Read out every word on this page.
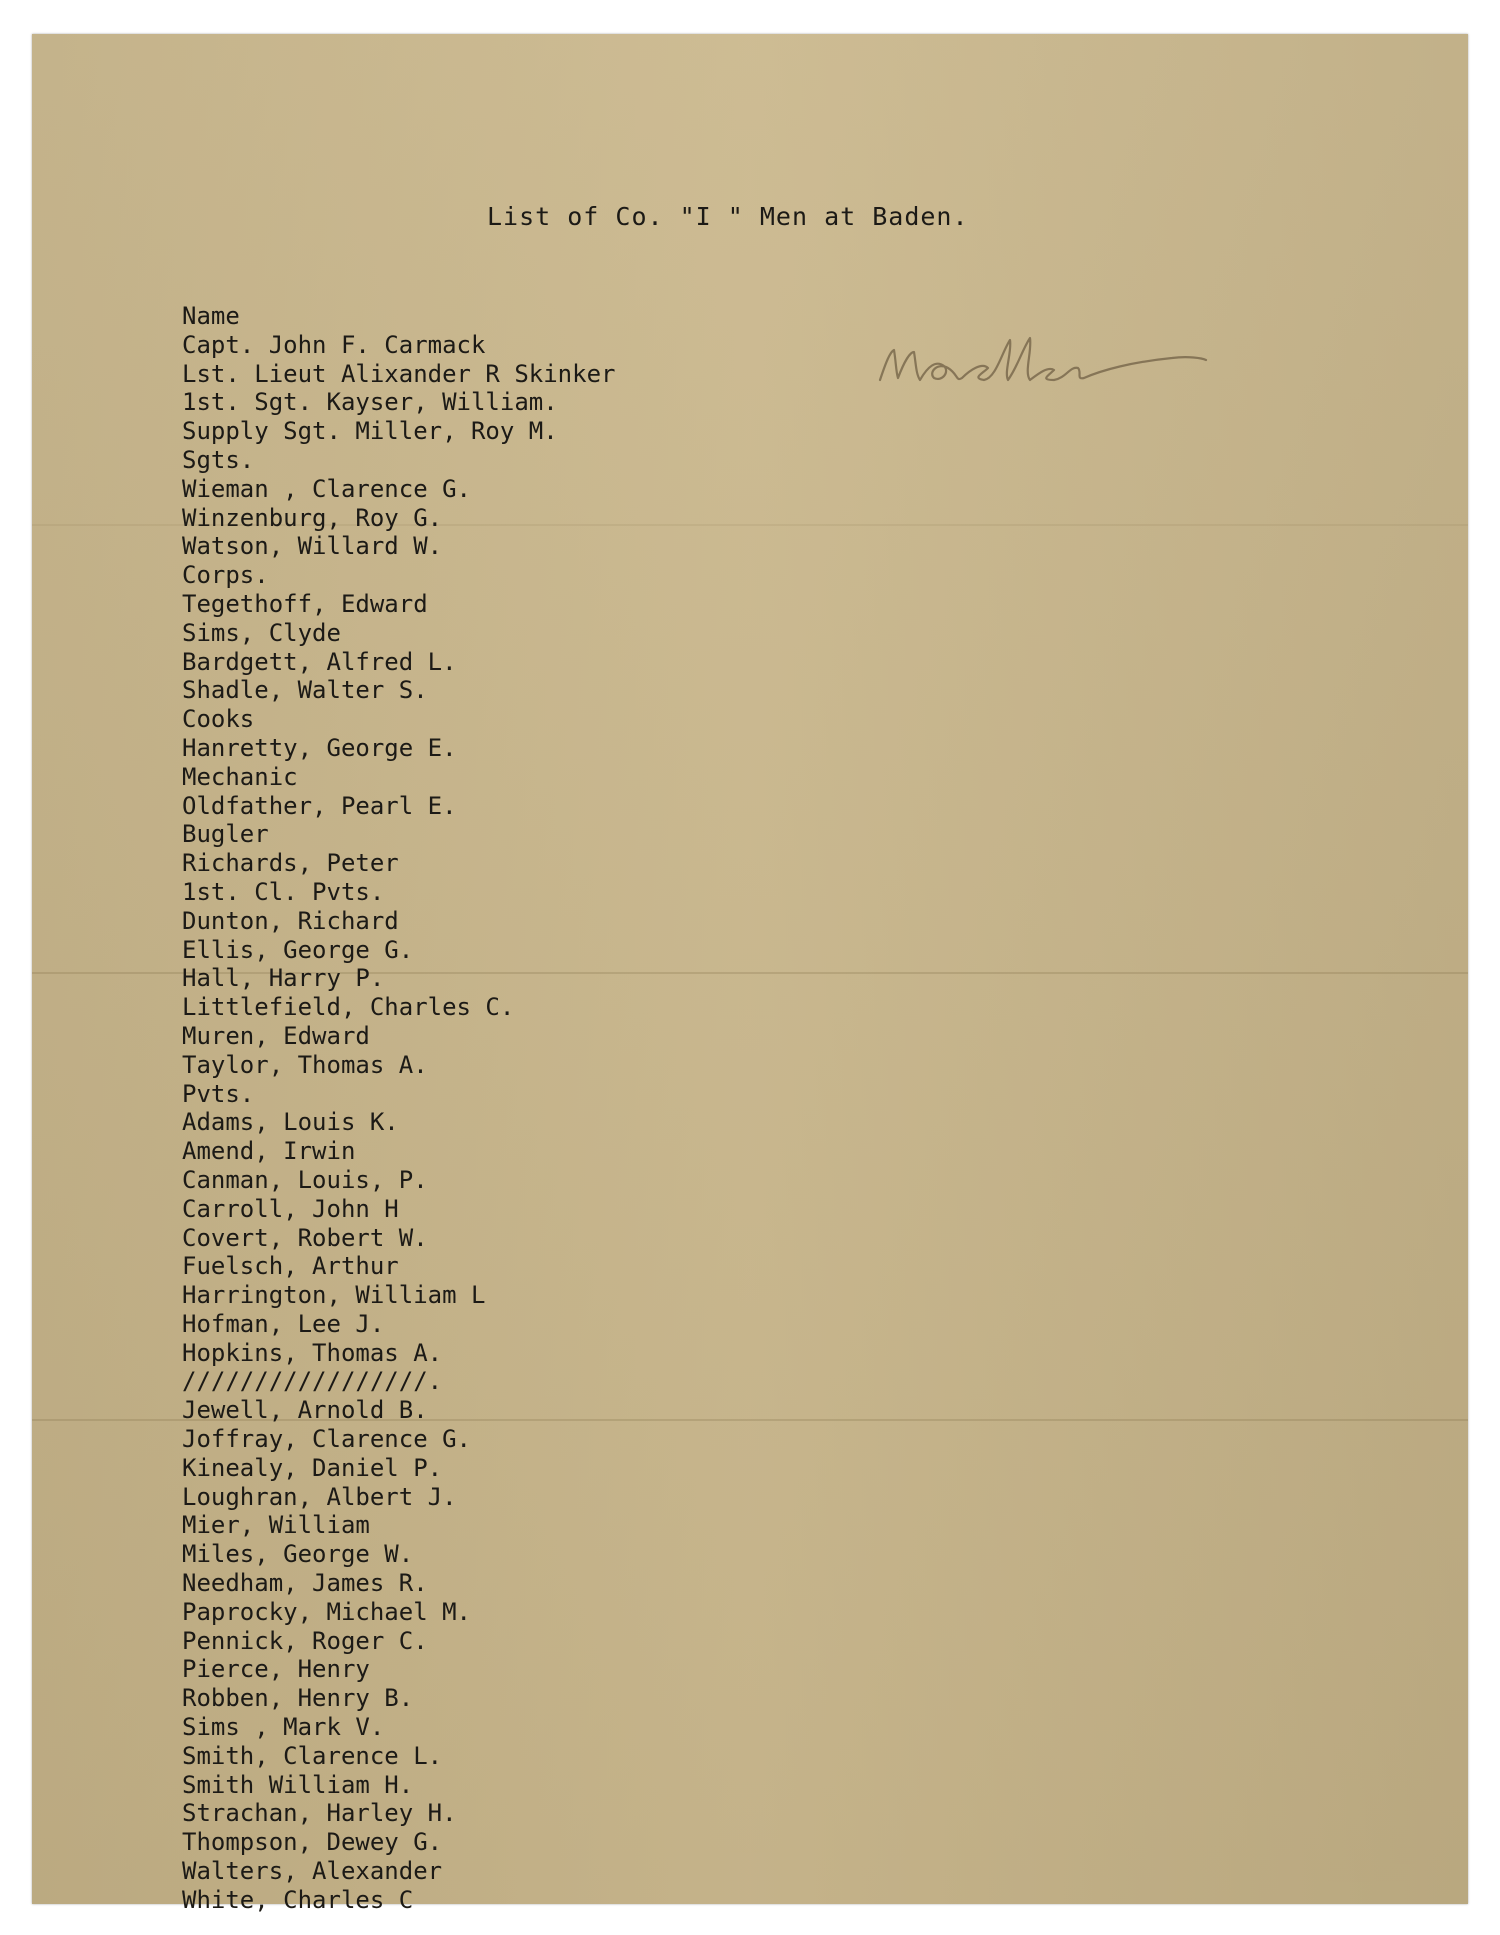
List of Co. "I " Men at Baden.
Name
Capt. John F. Carmack
Lst. Lieut Alixander R Skinker
1st. Sgt. Kayser, William.
Supply Sgt. Miller, Roy M.
Sgts.
Wieman , Clarence G.
Winzenburg, Roy G.
Watson, Willard W.
Corps.
Tegethoff, Edward
Sims, Clyde
Bardgett, Alfred L.
Shadle, Walter S.
Cooks
Hanretty, George E.
Mechanic
Oldfather, Pearl E.
Bugler
Richards, Peter
1st. Cl. Pvts.
Dunton, Richard
Ellis, George G.
Hall, Harry P.
Littlefield, Charles C.
Muren, Edward
Taylor, Thomas A.
Pvts.
Adams, Louis K.
Amend, Irwin
Canman, Louis, P.
Carroll, John H
Covert, Robert W.
Fuelsch, Arthur
Harrington, William L
Hofman, Lee J.
Hopkins, Thomas A.
/////////////////.
Jewell, Arnold B.
Joffray, Clarence G.
Kinealy, Daniel P.
Loughran, Albert J.
Mier, William
Miles, George W.
Needham, James R.
Paprocky, Michael M.
Pennick, Roger C.
Pierce, Henry
Robben, Henry B.
Sims , Mark V.
Smith, Clarence L.
Smith William H.
Strachan, Harley H.
Thompson, Dewey G.
Walters, Alexander
White, Charles C
